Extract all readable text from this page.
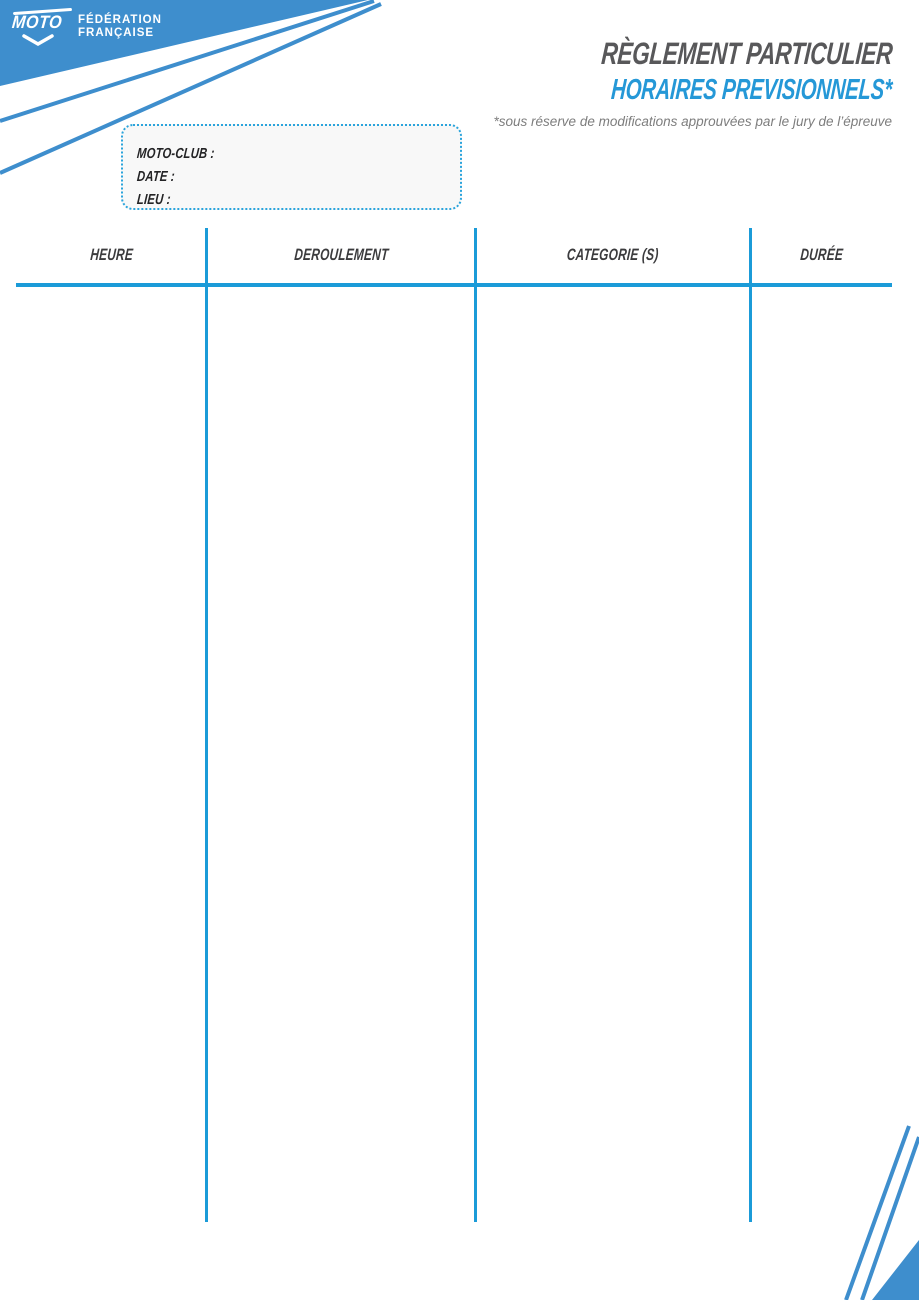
MOTO FÉDÉRATION
FRANÇAISE
RÈGLEMENT PARTICULIER
HORAIRES PREVISIONNELS*
*sous réserve de modifications approuvées par le jury de l’épreuve
MOTO-CLUB :
DATE :
LIEU :
HEURE	DEROULEMENT	CATEGORIE (S)	DURÉE
